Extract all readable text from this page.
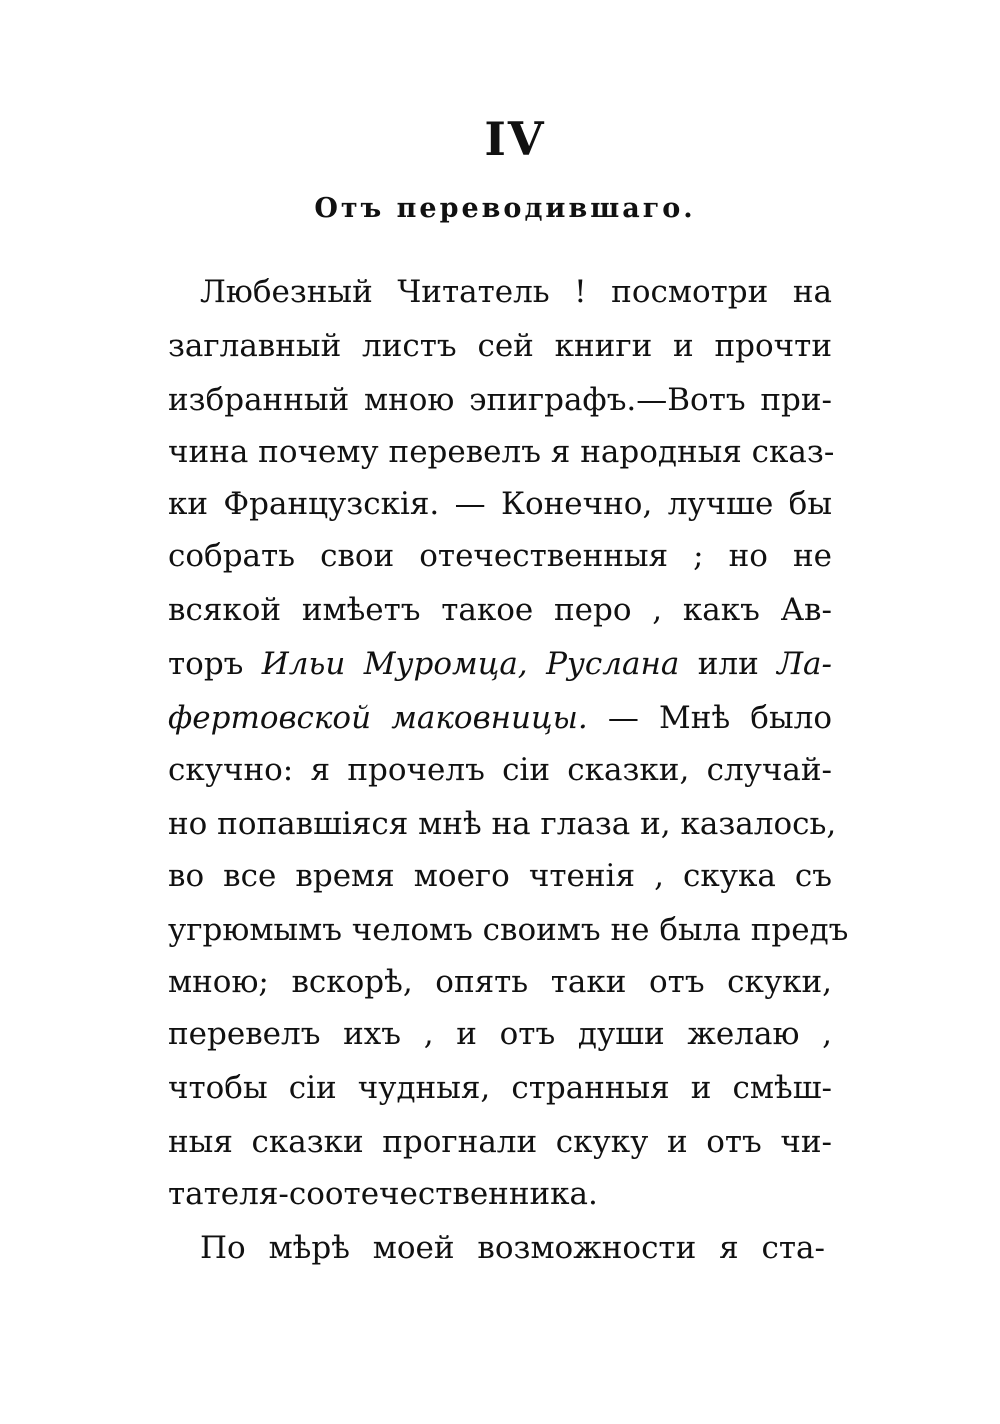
IV
Отъ переводившаго.
Любезный Читатель ! посмотри на
заглавный листъ сей книги и прочти
избранный мною эпиграфъ.—Вотъ при-
чина почему перевелъ я народныя сказ-
ки Французскія. — Конечно, лучше бы
собрать свои отечественныя ; но не
всякой имѣетъ такое перо , какъ Ав-
торъ Ильи Муромца, Руслана или Ла-
фертовской маковницы. — Мнѣ было
скучно: я прочелъ сіи сказки, случай-
но попавшіяся мнѣ на глаза и, казалось,
во все время моего чтенія , скука съ
угрюмымъ челомъ своимъ не была предъ
мною; вскорѣ, опять таки отъ скуки,
перевелъ ихъ , и отъ души желаю ,
чтобы сіи чудныя, странныя и смѣш-
ныя сказки прогнали скуку и отъ чи-
тателя-соотечественника.
По мѣрѣ моей возможности я ста-
